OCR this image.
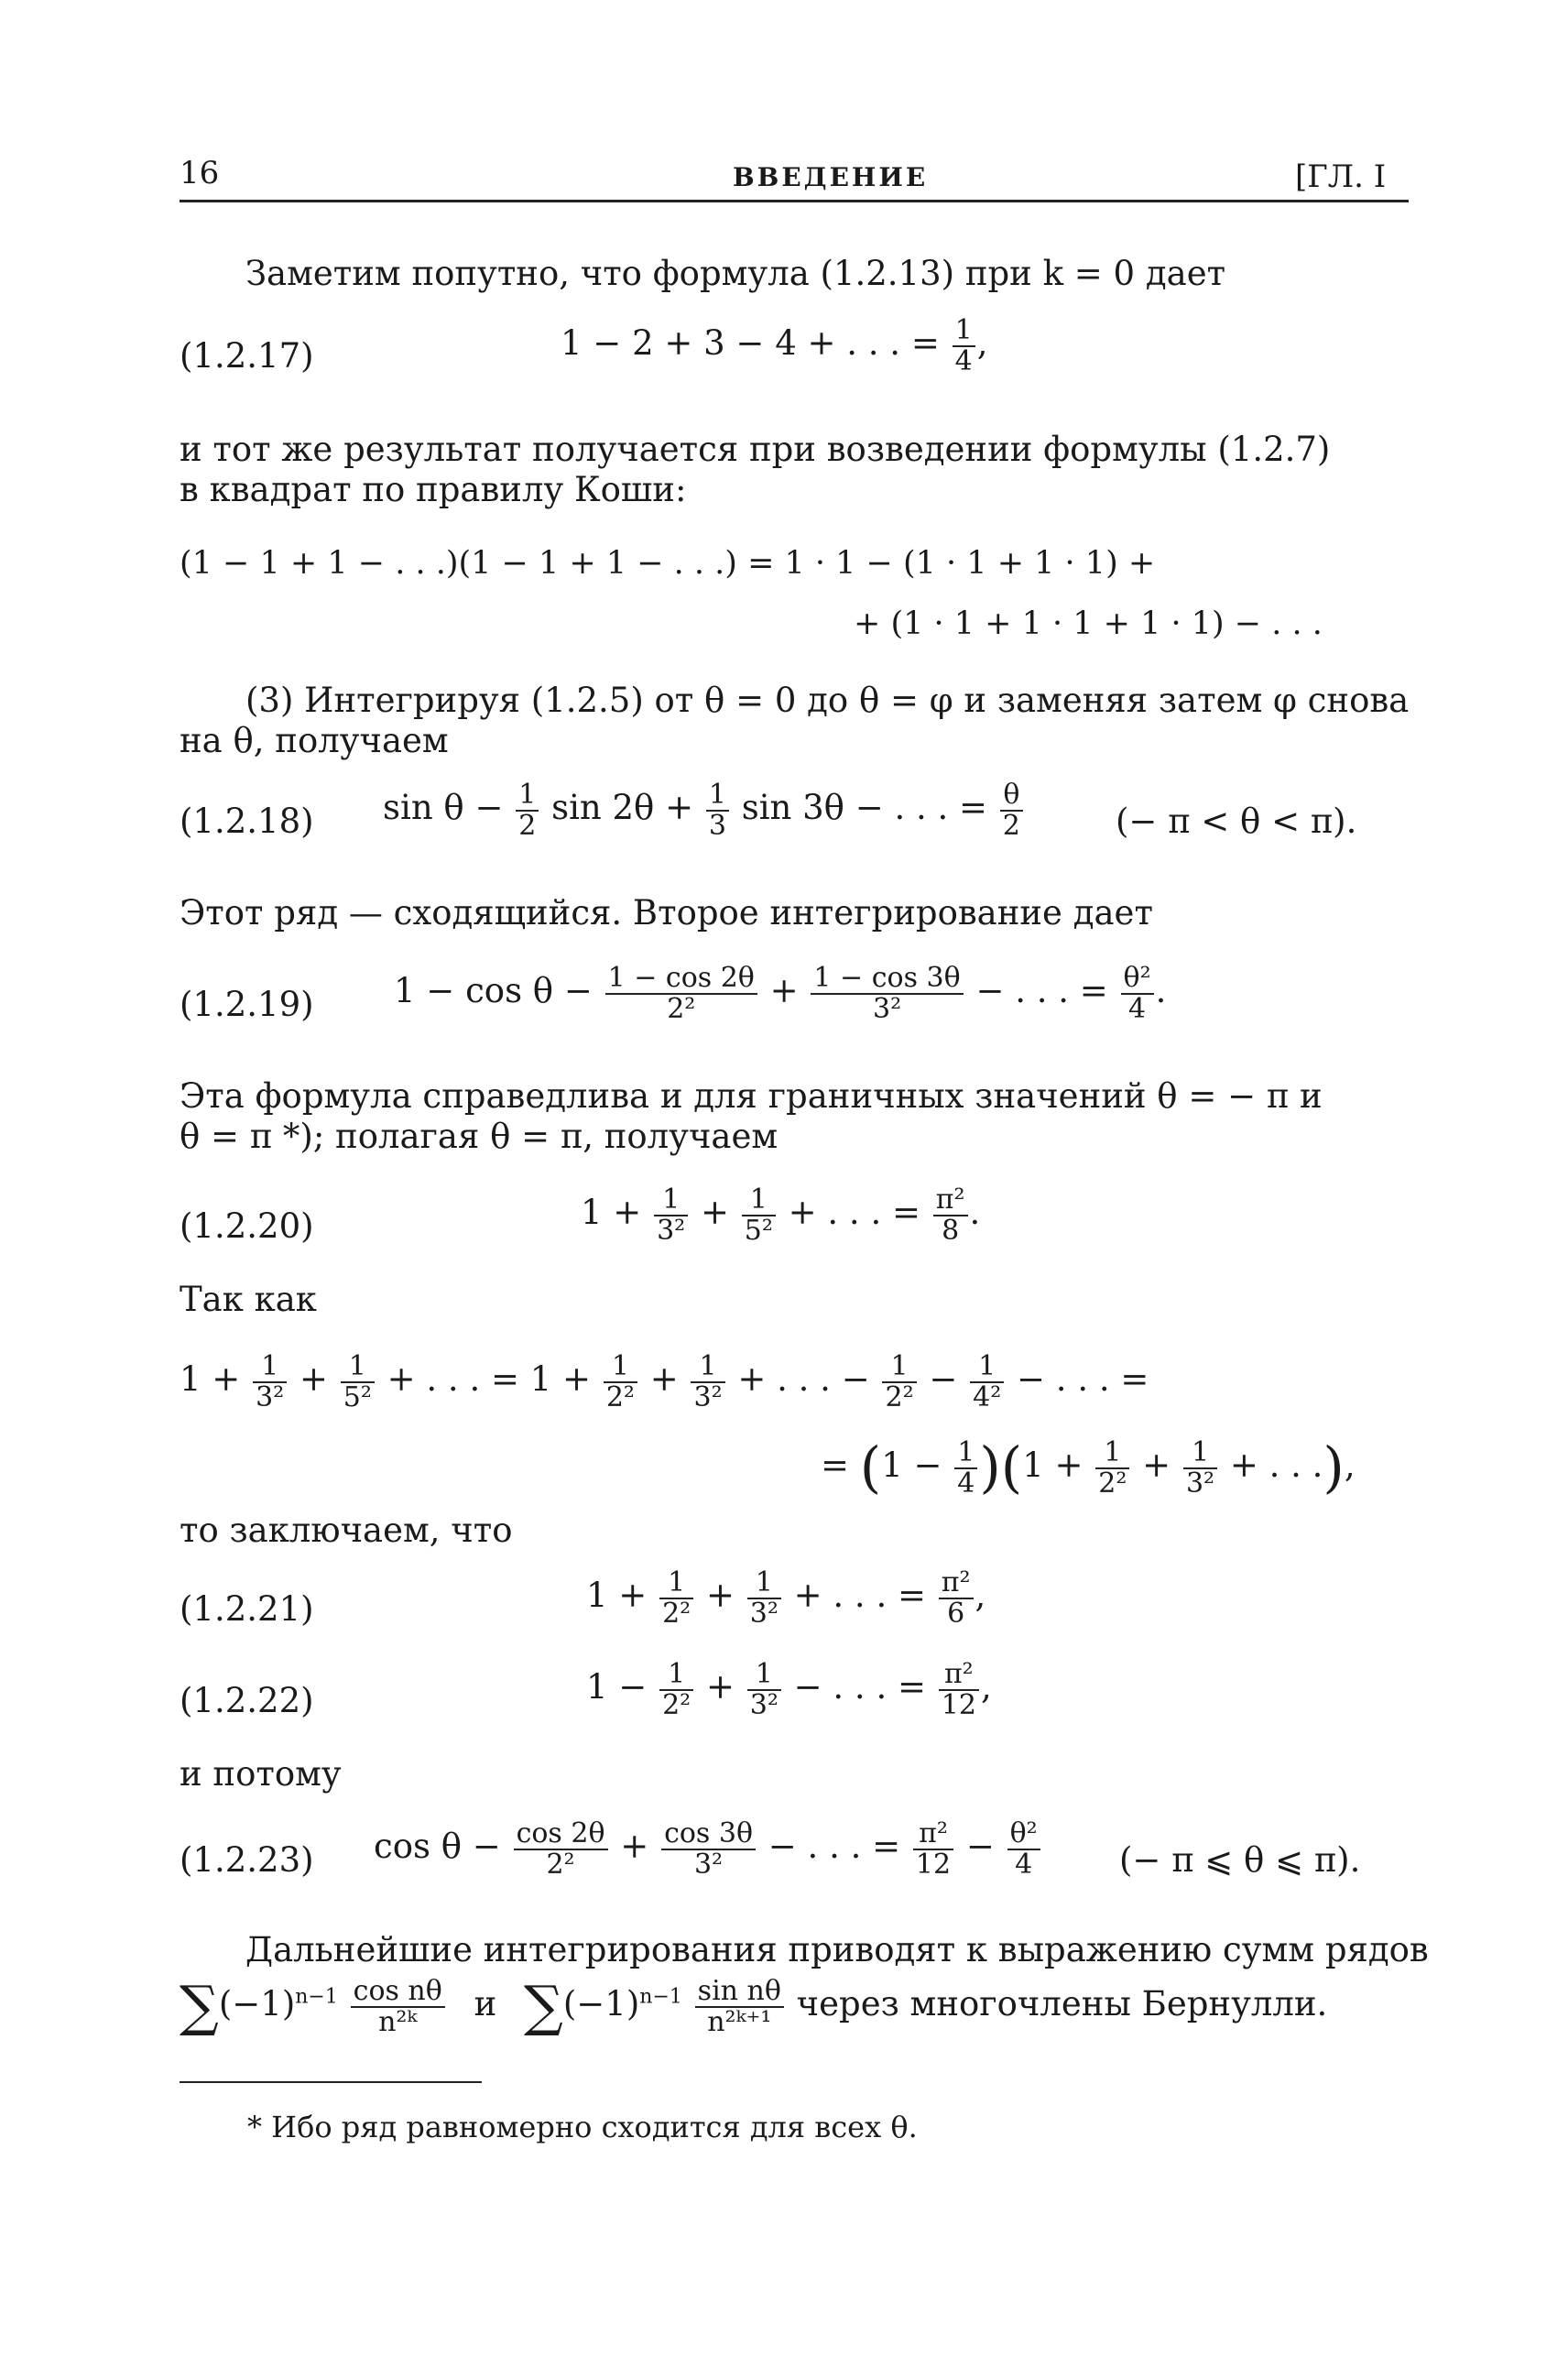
16	ВВЕДЕНИЕ	[ГЛ. I
Заметим попутно, что формула (1.2.13) при k = 0 дает
(1.2.17)	1 − 2 + 3 − 4 + . . . = $\frac{1}{4}$ ,
и тот же результат получается при возведении формулы (1.2.7)
в квадрат по правилу Коши:
(1 − 1 + 1 − . . .)(1 − 1 + 1 − . . .) = 1 · 1 − (1 · 1 + 1 · 1) +
+ (1 · 1 + 1 · 1 + 1 · 1) − . . .
(3) Интегрируя (1.2.5) от θ = 0 до θ = φ и заменяя затем φ снова
на θ, получаем
(1.2.18) $\sin \theta - \frac{1}{2}$ $\sin 2\theta + \frac{1}{3}$ sin 3θ − . . . = $\frac{\theta}{2}$	(− π < θ < π).
Этот ряд — сходящийся. Второе интегрирование дает
(1.2.19) $1 - \cos \theta - \frac{1 - \cos 2\theta}{\text{2²}} + \frac{1 - \cos 3\theta}{\text{3²}}$ − . . . = $\frac{\text{θ²}}{4}$ .
Эта формула справедлива и для граничных значений θ = − π и
θ = π *); полагая θ = π, получаем
(1.2.20)	$1 + \frac{1}{\text{3²}} + \frac{1}{\text{5²}}$ + . . . = $\frac{\text{π²}}{8}$ .
Так как
$1 + \frac{1}{\text{3²}} + \frac{1}{\text{5²}}$ + . . . = $1 + \frac{1}{\text{2²}} + \frac{1}{\text{3²}}$ + . . . − $\frac{1}{\text{2²}} - \frac{1}{\text{4²}}$ − . . . =
= $(1 - \frac{1}{4} )(1 + \frac{1}{\text{2²}} + \frac{1}{\text{3²}}$ + . . .),
то заключаем, что
(1.2.21)	$1 + \frac{1}{\text{2²}} + \frac{1}{\text{3²}}$ + . . . = $\frac{\text{π²}}{6}$ ,
(1.2.22)	$1 - \frac{1}{\text{2²}} + \frac{1}{\text{3²}}$ − . . . = $\frac{\text{π²}}{12}$ ,
и потому
(1.2.23) $\cos \theta - \frac{\cos 2\theta}{\text{2²}} + \frac{\cos 3\theta}{\text{3²}}$ − . . . = $\frac{\text{π²}}{12} - \frac{\text{θ²}}{4}$ (− π ⩽ θ ⩽ π).
Дальнейшие интегрирования приводят к выражению сумм рядов
$\sum(-1)^{n-1} \frac{\text{cos nθ}}{\text{n²ᵏ}}$ и $\sum(-1)^{n-1} \frac{\text{sin nθ}}{\text{n²ᵏ⁺¹}}$ через многочлены Бернулли.
* Ибо ряд равномерно сходится для всех θ.
